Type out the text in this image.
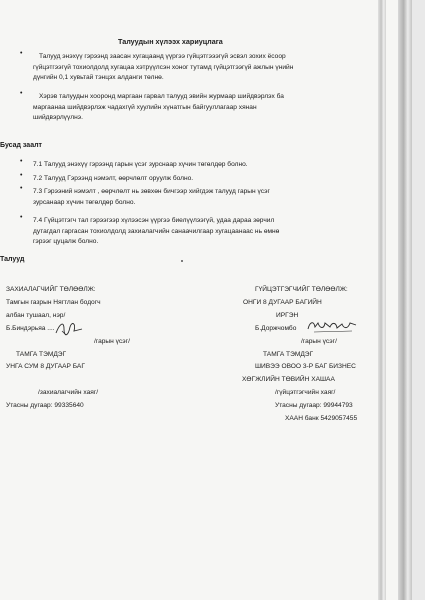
Талуудын хүлээх хариуцлага
•	Талууд энэхүү гэрээнд заасан хугацаанд үүргээ гүйцэтгэээгүй эсвэл зохих ёсоор
гүйцэтгээгүй тохиолдолд хугацаа хэтрүүлсэн хоног тутамд гүйцэтгээгүй ажлын үнийн
дүнгийн 0,1 хувьтай тэнцэх алданги төлнө.
•	Хэрэв талуудын хооронд маргаан гарвал талууд эвийн журмаар шийдвэрлэх ба
маргаанаа шийдвэрлэж чадахгүй хуулийн хүнатгын байгууллагаар хянан
шийдвэрлүүлнэ.
Бусад заалт
• 7.1 Талууд энэхүү гэрээнд гарын үсэг зурснаар хүчин төгөлдөр болно.
• 7.2 Талууд Гэрээнд нэмэлт, өөрчлөлт оруулж болно.
• 7.3 Гэрээний нэмэлт , өөрчлөлт нь зөвхөн бичгээр хийгдэж талууд гарын үсэг
зурсанаар хүчин төгөлдөр болно.
• 7.4 Гүйцэтгэгч тал гэрээгээр хүлээсэн үүргээ биелүүлээгүй, удаа дараа зөрчил
дутагдал гаргасан тохиолдолд захиалагчийн санаачилгаар хугацаанаас нь өмнө
гэрээг цуцалж болно.
Талууд
ЗАХИАЛАГЧИЙГ ТӨЛӨӨЛЖ:
Тамгын газрын Нягтлан бодогч
албан тушаал, нэр/
Б.Биндэрьяа ....
/гарын үсэг/
ТАМГА ТЭМДЭГ
УНГА СУМ 8 ДУГААР БАГ
/захиалагчийн хаяг/
Утасны дугаар: 99335640
ГҮЙЦЭТГЭГЧИЙГ ТӨЛӨӨЛЖ:
ОНГИ 8 ДУГААР БАГИЙН
ИРГЭН
Б.Доржчомбо
/гарын үсэг/
ТАМГА ТЭМДЭГ
ШИВЭЭ ОВОО 3-Р БАГ БИЗНЕС
ХӨГЖЛИЙН ТӨВИЙН ХАШАА
/гүйцэтгэгчийн хаяг/
Утасны дугаар: 99944793
ХААН банк 5429057455
